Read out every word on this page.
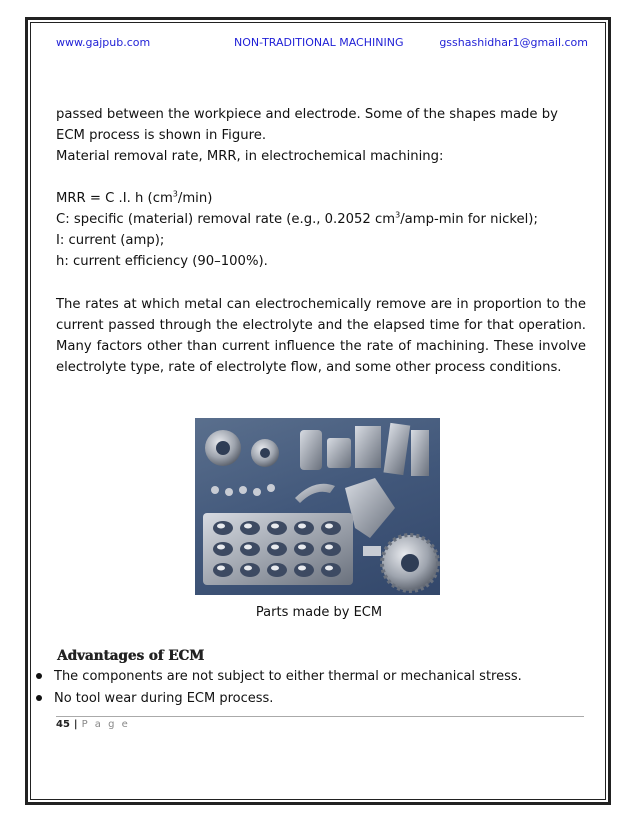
www.gajpub.com	NON-TRADITIONAL MACHINING	gsshashidhar1@gmail.com
passed between the workpiece and electrode. Some of the shapes made by
ECM process is shown in Figure.
Material removal rate, MRR, in electrochemical machining:
MRR = C .I. h $(cm^3/\min)$
C: specific (material) removal rate (e.g., 0.2052 $cm^3/amp-\min$ for nickel);
I: current (amp);
h: current efficiency (90–100%).
The rates at which metal can electrochemically remove are in proportion to the current passed through the electrolyte and the elapsed time for that operation. Many factors other than current influence the rate of machining. These involve electrolyte type, rate of electrolyte flow, and some other process conditions.
Parts made by ECM
Advantages of ECM
The components are not subject to either thermal or mechanical stress.
No tool wear during ECM process.
45 | P a g e
